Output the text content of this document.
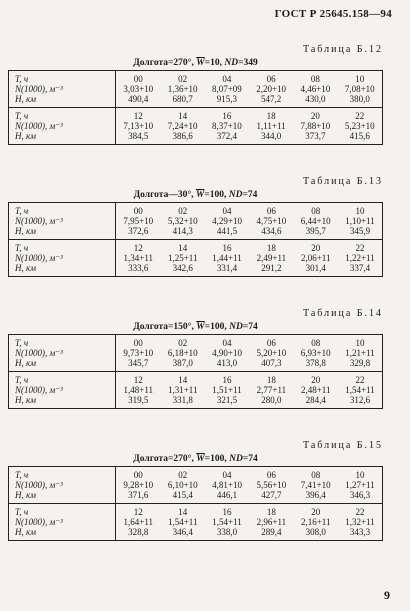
ГОСТ Р 25645.158—94
Таблица Б.12
Долгота=270°, $\overline{W}=10$, ND=349
T, ч	00	02	04	06	08	10
N(1000), м⁻³	3,03+10	1,36+10	8,07+09	2,20+10	4,46+10	7,08+10
H, км	490,4	680,7	915,3	547,2	430,0	380,0
T, ч	12	14	16	18	20	22
N(1000), м⁻³	7,13+10	7,24+10	8,37+10	1,11+11	7,88+10	5,23+10
H, км	384,5	386,6	372,4	344,0	373,7	415,6
Таблица Б.13
Долгота—30°, $\overline{W}=100$, ND=74
T, ч	00	02	04	06	08	10
N(1000), м⁻³	7,95+10	5,32+10	4,29+10	4,75+10	6,44+10	1,10+11
H, км	372,6	414,3	441,5	434,6	395,7	345,9
T, ч	12	14	16	18	20	22
N(1000), м⁻³	1,34+11	1,25+11	1,44+11	2,49+11	2,06+11	1,22+11
H, км	333,6	342,6	331,4	291,2	301,4	337,4
Таблица Б.14
Долгота=150°, $\overline{W}=100$, ND=74
T, ч	00	02	04	06	08	10
N(1000), м⁻³	9,73+10	6,18+10	4,90+10	5,20+10	6,93+10	1,21+11
H, км	345,7	387,0	413,0	407,3	378,8	329,8
T, ч	12	14	16	18	20	22
N(1000), м⁻³	1,48+11	1,31+11	1,51+11	2,77+11	2,48+11	1,54+11
H, км	319,5	331,8	321,5	280,0	284,4	312,6
Таблица Б.15
Долгота=270°, $\overline{W}=100$, ND=74
T, ч	00	02	04	06	08	10
N(1000), м⁻³	9,28+10	6,10+10	4,81+10	5,56+10	7,41+10	1,27+11
H, км	371,6	415,4	446,1	427,7	396,4	346,3
T, ч	12	14	16	18	20	22
N(1000), м⁻³	1,64+11	1,54+11	1,54+11	2,96+11	2,16+11	1,32+11
H, км	328,8	346,4	338,0	289,4	308,0	343,3
9
